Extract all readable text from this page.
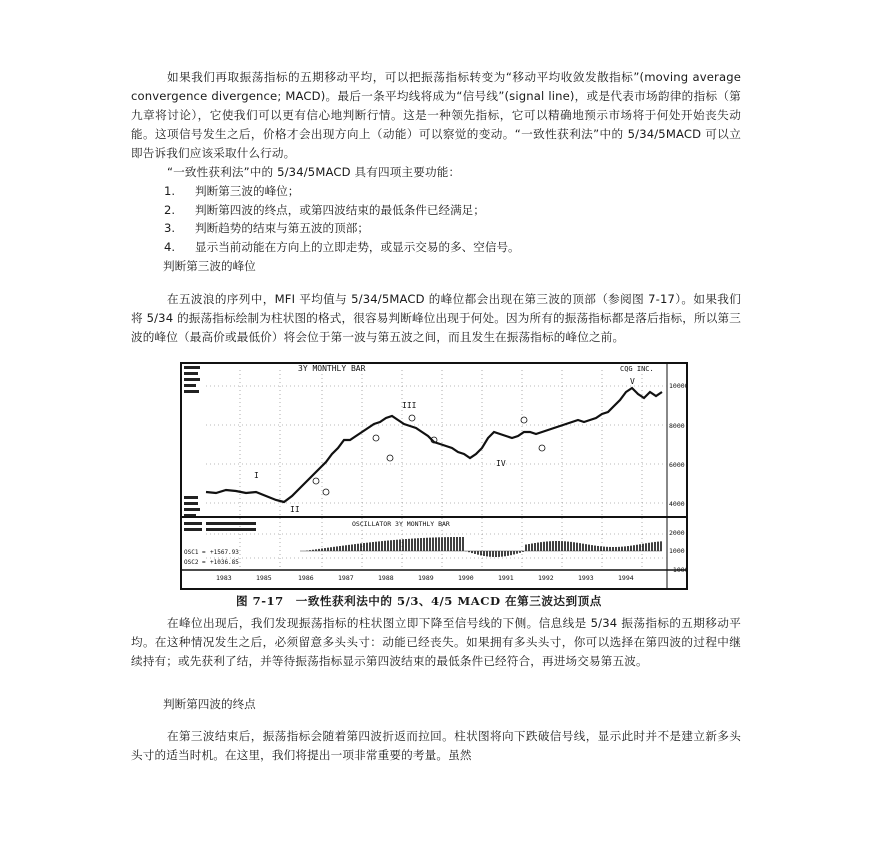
如果我们再取振荡指标的五期移动平均，可以把振荡指标转变为“移动平均收敛发散指标”(moving average convergence divergence; MACD)。最后一条平均线将成为“信号线”(signal line)，或是代表市场韵律的指标（第九章将讨论），它使我们可以更有信心地判断行情。这是一种领先指标，它可以精确地预示市场将于何处开始丧失动能。这项信号发生之后，价格才会出现方向上（动能）可以察觉的变动。“一致性获利法”中的 5/34/5MACD 可以立即告诉我们应该采取什么行动。

“一致性获利法”中的 5/34/5MACD 具有四项主要功能：

1.	判断第三波的峰位；
2.	判断第四波的终点，或第四波结束的最低条件已经满足；
3.	判断趋势的结束与第五波的顶部；
4.	显示当前动能在方向上的立即走势，或显示交易的多、空信号。
判断第三波的峰位

在五波浪的序列中，MFI 平均值与 5/34/5MACD 的峰位都会出现在第三波的顶部（参阅图 7-17）。如果我们将 5/34 的振荡指标绘制为柱状图的格式，很容易判断峰位出现于何处。因为所有的振荡指标都是落后指标，所以第三波的峰位（最高价或最低价）将会位于第一波与第五波之间，而且发生在振荡指标的峰位之前。

3Y MONTHLY BAR	CQG INC.
I
II
III
IV
V	10000
8000
6000
4000
2000
1000
-1000
OSCILLATOR 3Y MONTHLY BAR
OSC1 = +1567.93
OSC2 = +1036.85
1983	1985	1986	1987	1988	1989	1990	1991	1992	1993	1994
图 7-17　一致性获利法中的 5/3、4/5 MACD 在第三波达到顶点

在峰位出现后，我们发现振荡指标的柱状图立即下降至信号线的下侧。信息线是 5/34 振荡指标的五期移动平均。在这种情况发生之后，必须留意多头头寸：动能已经丧失。如果拥有多头头寸，你可以选择在第四波的过程中继续持有；或先获利了结，并等待振荡指标显示第四波结束的最低条件已经符合，再进场交易第五波。

判断第四波的终点

在第三波结束后，振荡指标会随着第四波折返而拉回。柱状图将向下跌破信号线，显示此时并不是建立新多头头寸的适当时机。在这里，我们将提出一项非常重要的考量。虽然
